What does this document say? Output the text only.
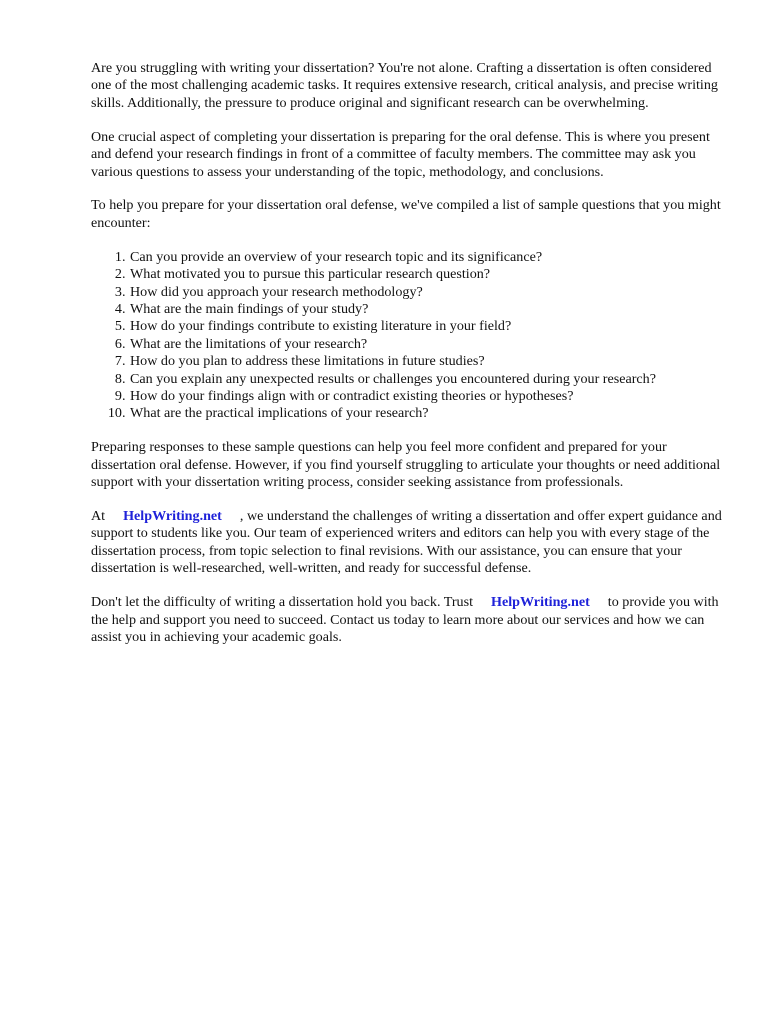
Are you struggling with writing your dissertation? You're not alone. Crafting a dissertation is often considered one of the most challenging academic tasks. It requires extensive research, critical analysis, and precise writing skills. Additionally, the pressure to produce original and significant research can be overwhelming.

One crucial aspect of completing your dissertation is preparing for the oral defense. This is where you present and defend your research findings in front of a committee of faculty members. The committee may ask you various questions to assess your understanding of the topic, methodology, and conclusions.

To help you prepare for your dissertation oral defense, we've compiled a list of sample questions that you might encounter:

1. Can you provide an overview of your research topic and its significance?
2. What motivated you to pursue this particular research question?
3. How did you approach your research methodology?
4. What are the main findings of your study?
5. How do your findings contribute to existing literature in your field?
6. What are the limitations of your research?
7. How do you plan to address these limitations in future studies?
8. Can you explain any unexpected results or challenges you encountered during your research?
9. How do your findings align with or contradict existing theories or hypotheses?
10. What are the practical implications of your research?

Preparing responses to these sample questions can help you feel more confident and prepared for your dissertation oral defense. However, if you find yourself struggling to articulate your thoughts or need additional support with your dissertation writing process, consider seeking assistance from professionals.

At HelpWriting.net , we understand the challenges of writing a dissertation and offer expert guidance and support to students like you. Our team of experienced writers and editors can help you with every stage of the dissertation process, from topic selection to final revisions. With our assistance, you can ensure that your dissertation is well-researched, well-written, and ready for successful defense.

Don't let the difficulty of writing a dissertation hold you back. Trust HelpWriting.net to provide you with the help and support you need to succeed. Contact us today to learn more about our services and how we can assist you in achieving your academic goals.
